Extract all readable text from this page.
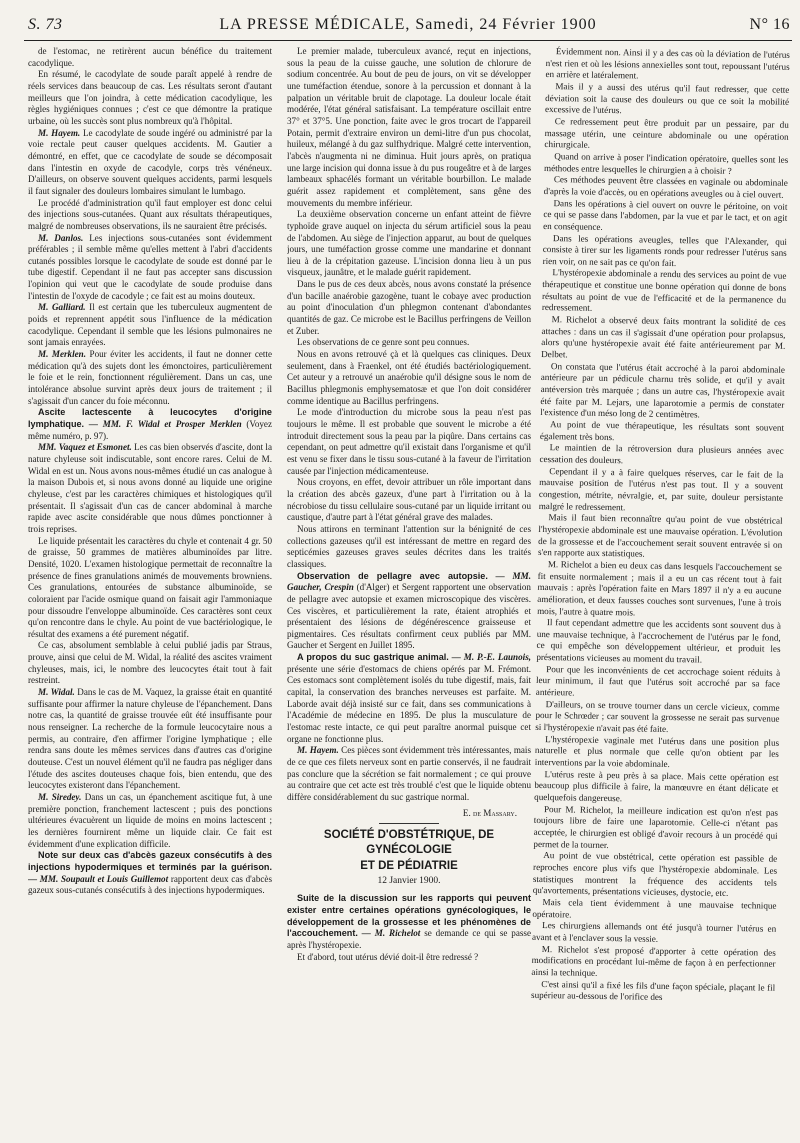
S. 73	LA PRESSE MÉDICALE, Samedi, 24 Février 1900	N° 16

de l'estomac, ne retirèrent aucun bénéfice du traitement cacodylique.

En résumé, le cacodylate de soude paraît appelé à rendre de réels services dans beaucoup de cas. Les résultats seront d'autant meilleurs que l'on joindra, à cette médication cacodylique, les règles hygiéniques connues ; c'est ce que démontre la pratique urbaine, où les succès sont plus nombreux qu'à l'hôpital.

M. Hayem. Le cacodylate de soude ingéré ou administré par la voie rectale peut causer quelques accidents. M. Gautier a démontré, en effet, que ce cacodylate de soude se décomposait dans l'intestin en oxyde de cacodyle, corps très vénéneux. D'ailleurs, on observe souvent quelques accidents, parmi lesquels il faut signaler des douleurs lombaires simulant le lumbago.

Le procédé d'administration qu'il faut employer est donc celui des injections sous-cutanées. Quant aux résultats thérapeutiques, malgré de nombreuses observations, ils ne sauraient être précisés.

M. Danlos. Les injections sous-cutanées sont évidemment préférables ; il semble même qu'elles mettent à l'abri d'accidents cutanés possibles lorsque le cacodylate de soude est donné par le tube digestif. Cependant il ne faut pas accepter sans discussion l'opinion qui veut que le cacodylate de soude produise dans l'intestin de l'oxyde de cacodyle ; ce fait est au moins douteux.

M. Galliard. Il est certain que les tuberculeux augmentent de poids et reprennent appétit sous l'influence de la médication cacodylique. Cependant il semble que les lésions pulmonaires ne sont jamais enrayées.

M. Merklen. Pour éviter les accidents, il faut ne donner cette médication qu'à des sujets dont les émonctoires, particulièrement le foie et le rein, fonctionnent régulièrement. Dans un cas, une intolérance absolue survint après deux jours de traitement ; il s'agissait d'un cancer du foie méconnu.

Ascite lactescente à leucocytes d'origine lymphatique. — MM. F. Widal et Prosper Merklen (Voyez même numéro, p. 97).

MM. Vaquez et Esmonet. Les cas bien observés d'ascite, dont la nature chyleuse soit indiscutable, sont encore rares. Celui de M. Widal en est un. Nous avons nous-mêmes étudié un cas analogue à la maison Dubois et, si nous avons donné au liquide une origine chyleuse, c'est par les caractères chimiques et histologiques qu'il présentait. Il s'agissait d'un cas de cancer abdominal à marche rapide avec ascite considérable que nous dûmes ponctionner à trois reprises.

Le liquide présentait les caractères du chyle et contenait 4 gr. 50 de graisse, 50 grammes de matières albuminoïdes par litre. Densité, 1020. L'examen histologique permettait de reconnaître la présence de fines granulations animés de mouvements browniens. Ces granulations, entourées de substance albuminoïde, se coloraient par l'acide osmique quand on faisait agir l'ammoniaque pour dissoudre l'enveloppe albuminoïde. Ces caractères sont ceux qu'on rencontre dans le chyle. Au point de vue bactériologique, le résultat des examens a été purement négatif.

Ce cas, absolument semblable à celui publié jadis par Straus, prouve, ainsi que celui de M. Widal, la réalité des ascites vraiment chyleuses, mais, ici, le nombre des leucocytes était tout à fait restreint.

M. Widal. Dans le cas de M. Vaquez, la graisse était en quantité suffisante pour affirmer la nature chyleuse de l'épanchement. Dans notre cas, la quantité de graisse trouvée eût été insuffisante pour nous renseigner. La recherche de la formule leucocytaire nous a permis, au contraire, d'en affirmer l'origine lymphatique ; elle rendra sans doute les mêmes services dans d'autres cas d'origine douteuse. C'est un nouvel élément qu'il ne faudra pas négliger dans l'étude des ascites douteuses chaque fois, bien entendu, que des leucocytes existeront dans l'épanchement.

M. Siredey. Dans un cas, un épanchement ascitique fut, à une première ponction, franchement lactescent ; puis des ponctions ultérieures évacuèrent un liquide de moins en moins lactescent ; les dernières fournirent même un liquide clair. Ce fait est évidemment d'une explication difficile.

Note sur deux cas d'abcès gazeux consécutifs à des injections hypodermiques et terminés par la guérison. — MM. Soupault et Louis Guillemot rapportent deux cas d'abcès gazeux sous-cutanés consécutifs à des injections hypodermiques.

Le premier malade, tuberculeux avancé, reçut en injections, sous la peau de la cuisse gauche, une solution de chlorure de sodium concentrée. Au bout de peu de jours, on vit se développer une tuméfaction étendue, sonore à la percussion et donnant à la palpation un véritable bruit de clapotage. La douleur locale était modérée, l'état général satisfaisant. La température oscillait entre 37° et 37°5. Une ponction, faite avec le gros trocart de l'appareil Potain, permit d'extraire environ un demi-litre d'un pus chocolat, huileux, mélangé à du gaz sulfhydrique. Malgré cette intervention, l'abcès n'augmenta ni ne diminua. Huit jours après, on pratiqua une large incision qui donna issue à du pus rougeâtre et à de larges lambeaux sphacélés formant un véritable bourbillon. Le malade guérit assez rapidement et complètement, sans gêne des mouvements du membre inférieur.

La deuxième observation concerne un enfant atteint de fièvre typhoïde grave auquel on injecta du sérum artificiel sous la peau de l'abdomen. Au siège de l'injection apparut, au bout de quelques jours, une tuméfaction grosse comme une mandarine et donnant lieu à de la crépitation gazeuse. L'incision donna lieu à un pus visqueux, jaunâtre, et le malade guérit rapidement.

Dans le pus de ces deux abcès, nous avons constaté la présence d'un bacille anaérobie gazogène, tuant le cobaye avec production au point d'inoculation d'un phlegmon contenant d'abondantes quantités de gaz. Ce microbe est le Bacillus perfringens de Veillon et Zuber.

Les observations de ce genre sont peu connues.

Nous en avons retrouvé çà et là quelques cas cliniques. Deux seulement, dans à Fraenkel, ont été étudiés bactériologiquement. Cet auteur y a retrouvé un anaérobie qu'il désigne sous le nom de Bacillus phlegmonis emphysematosæ et que l'on doit considérer comme identique au Bacillus perfringens.

Le mode d'introduction du microbe sous la peau n'est pas toujours le même. Il est probable que souvent le microbe a été introduit directement sous la peau par la piqûre. Dans certains cas cependant, on peut admettre qu'il existait dans l'organisme et qu'il est venu se fixer dans le tissu sous-cutané à la faveur de l'irritation causée par l'injection médicamenteuse.

Nous croyons, en effet, devoir attribuer un rôle important dans la création des abcès gazeux, d'une part à l'irritation ou à la nécrobiose du tissu cellulaire sous-cutané par un liquide irritant ou caustique, d'autre part à l'état général grave des malades.

Nous attirons en terminant l'attention sur la bénignité de ces collections gazeuses qu'il est intéressant de mettre en regard des septicémies gazeuses graves seules décrites dans les traités classiques.

Observation de pellagre avec autopsie. — MM. Gaucher, Crespin (d'Alger) et Sergent rapportent une observation de pellagre avec autopsie et examen microscopique des viscères. Ces viscères, et particulièrement la rate, étaient atrophiés et présentaient des lésions de dégénérescence graisseuse et pigmentaires. Ces résultats confirment ceux publiés par MM. Gaucher et Sergent en Juillet 1895.

A propos du suc gastrique animal. — M. P.-E. Launois, présente une série d'estomacs de chiens opérés par M. Frémont. Ces estomacs sont complètement isolés du tube digestif, mais, fait capital, la conservation des branches nerveuses est parfaite. M. Laborde avait déjà insisté sur ce fait, dans ses communications à l'Académie de médecine en 1895. De plus la musculature de l'estomac reste intacte, ce qui peut paraître anormal puisque cet organe ne fonctionne plus.

M. Hayem. Ces pièces sont évidemment très intéressantes, mais de ce que ces filets nerveux sont en partie conservés, il ne faudrait pas conclure que la sécrétion se fait normalement ; ce qui prouve au contraire que cet acte est très troublé c'est que le liquide obtenu diffère considérablement du suc gastrique normal.

E. de Massary.

SOCIÉTÉ D'OBSTÉTRIQUE, DE GYNÉCOLOGIE
ET DE PÉDIATRIE

12 Janvier 1900.

Suite de la discussion sur les rapports qui peuvent exister entre certaines opérations gynécologiques, le développement de la grossesse et les phénomènes de l'accouchement. — M. Richelot se demande ce qui se passe après l'hystéropexie.

Et d'abord, tout utérus dévié doit-il être redressé ?

Évidemment non. Ainsi il y a des cas où la déviation de l'utérus n'est rien et où les lésions annexielles sont tout, repoussant l'utérus en arrière et latéralement.

Mais il y a aussi des utérus qu'il faut redresser, que cette déviation soit la cause des douleurs ou que ce soit la mobilité excessive de l'utérus.

Ce redressement peut être produit par un pessaire, par du massage utérin, une ceinture abdominale ou une opération chirurgicale.

Quand on arrive à poser l'indication opératoire, quelles sont les méthodes entre lesquelles le chirurgien a à choisir ?

Ces méthodes peuvent être classées en vaginale ou abdominale d'après la voie d'accès, ou en opérations aveugles ou à ciel ouvert.

Dans les opérations à ciel ouvert on ouvre le péritoine, on voit ce qui se passe dans l'abdomen, par la vue et par le tact, et on agit en conséquence.

Dans les opérations aveugles, telles que l'Alexander, qui consiste à tirer sur les ligaments ronds pour redresser l'utérus sans rien voir, on ne sait pas ce qu'on fait.

L'hystéropexie abdominale a rendu des services au point de vue thérapeutique et constitue une bonne opération qui donne de bons résultats au point de vue de l'efficacité et de la permanence du redressement.

M. Richelot a observé deux faits montrant la solidité de ces attaches : dans un cas il s'agissait d'une opération pour prolapsus, alors qu'une hystéropexie avait été faite antérieurement par M. Delbet.

On constata que l'utérus était accroché à la paroi abdominale antérieure par un pédicule charnu très solide, et qu'il y avait antéversion très marquée ; dans un autre cas, l'hystéropexie avait été faite par M. Lejars, une laparotomie a permis de constater l'existence d'un méso long de 2 centimètres.

Au point de vue thérapeutique, les résultats sont souvent également très bons.

Le maintien de la rétroversion dura plusieurs années avec cessation des douleurs.

Cependant il y a à faire quelques réserves, car le fait de la mauvaise position de l'utérus n'est pas tout. Il y a souvent congestion, métrite, névralgie, et, par suite, douleur persistante malgré le redressement.

Mais il faut bien reconnaître qu'au point de vue obstétrical l'hystéropexie abdominale est une mauvaise opération. L'évolution de la grossesse et de l'accouchement serait souvent entravée si on s'en rapporte aux statistiques.

M. Richelot a bien eu deux cas dans lesquels l'accouchement se fit ensuite normalement ; mais il a eu un cas récent tout à fait mauvais : après l'opération faite en Mars 1897 il n'y a eu aucune amélioration, et deux fausses couches sont survenues, l'une à trois mois, l'autre à quatre mois.

Il faut cependant admettre que les accidents sont souvent dus à une mauvaise technique, à l'accrochement de l'utérus par le fond, ce qui empêche son développement ultérieur, et produit les présentations vicieuses au moment du travail.

Pour que les inconvénients de cet accrochage soient réduits à leur minimum, il faut que l'utérus soit accroché par sa face antérieure.

D'ailleurs, on se trouve tourner dans un cercle vicieux, comme pour le Schrœder ; car souvent la grossesse ne serait pas survenue si l'hystéropexie n'avait pas été faite.

L'hystéropexie vaginale met l'utérus dans une position plus naturelle et plus normale que celle qu'on obtient par les interventions par la voie abdominale.

L'utérus reste à peu près à sa place. Mais cette opération est beaucoup plus difficile à faire, la manœuvre en étant délicate et quelquefois dangereuse.

Pour M. Richelot, la meilleure indication est qu'on n'est pas toujours libre de faire une laparotomie. Celle-ci n'étant pas acceptée, le chirurgien est obligé d'avoir recours à un procédé qui permet de la tourner.

Au point de vue obstétrical, cette opération est passible de reproches encore plus vifs que l'hystéropexie abdominale. Les statistiques montrent la fréquence des accidents tels qu'avortements, présentations vicieuses, dystocie, etc.

Mais cela tient évidemment à une mauvaise technique opératoire.

Les chirurgiens allemands ont été jusqu'à tourner l'utérus en avant et à l'enclaver sous la vessie.

M. Richelot s'est proposé d'apporter à cette opération des modifications en procédant lui-même de façon à en perfectionner ainsi la technique.

C'est ainsi qu'il a fixé les fils d'une façon spéciale, plaçant le fil supérieur au-dessous de l'orifice des
